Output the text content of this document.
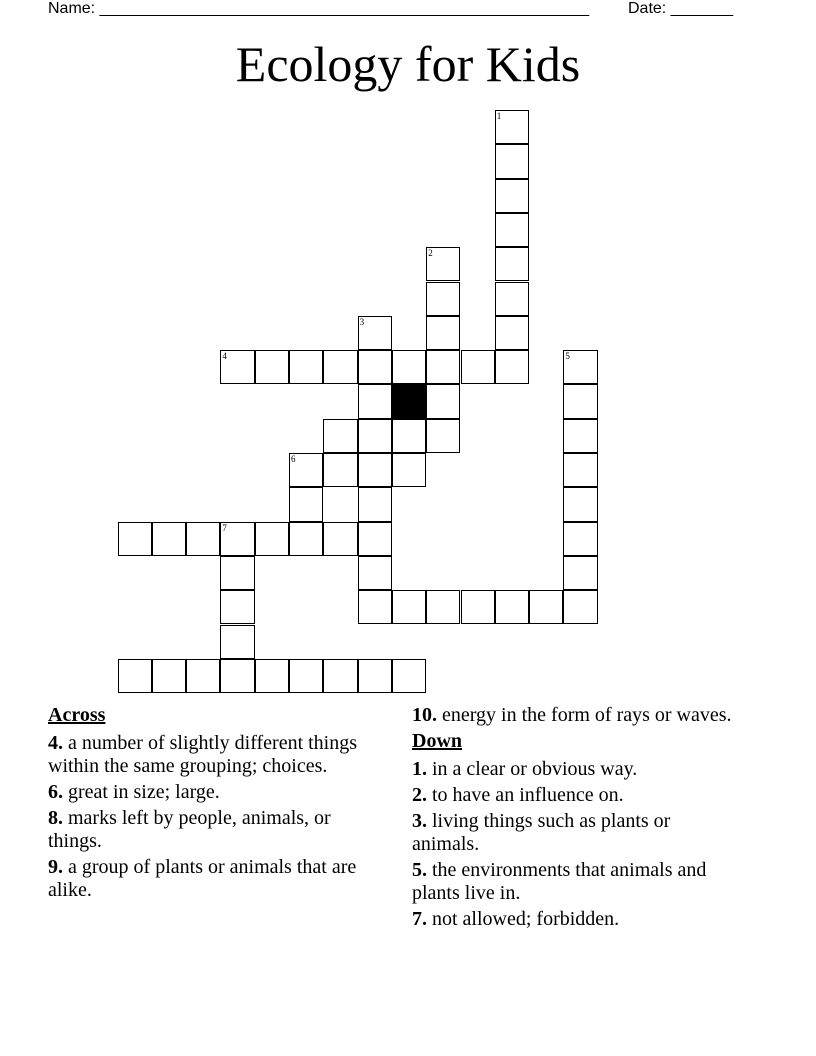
Name: _______________________________________________________ Date: _______
Ecology for Kids
1
2
3
4	5
6
7
Across
4. a number of slightly different things within the same grouping; choices.
6. great in size; large.
8. marks left by people, animals, or things.
9. a group of plants or animals that are alike.
10. energy in the form of rays or waves.
Down
1. in a clear or obvious way.
2. to have an influence on.
3. living things such as plants or animals.
5. the environments that animals and plants live in.
7. not allowed; forbidden.
